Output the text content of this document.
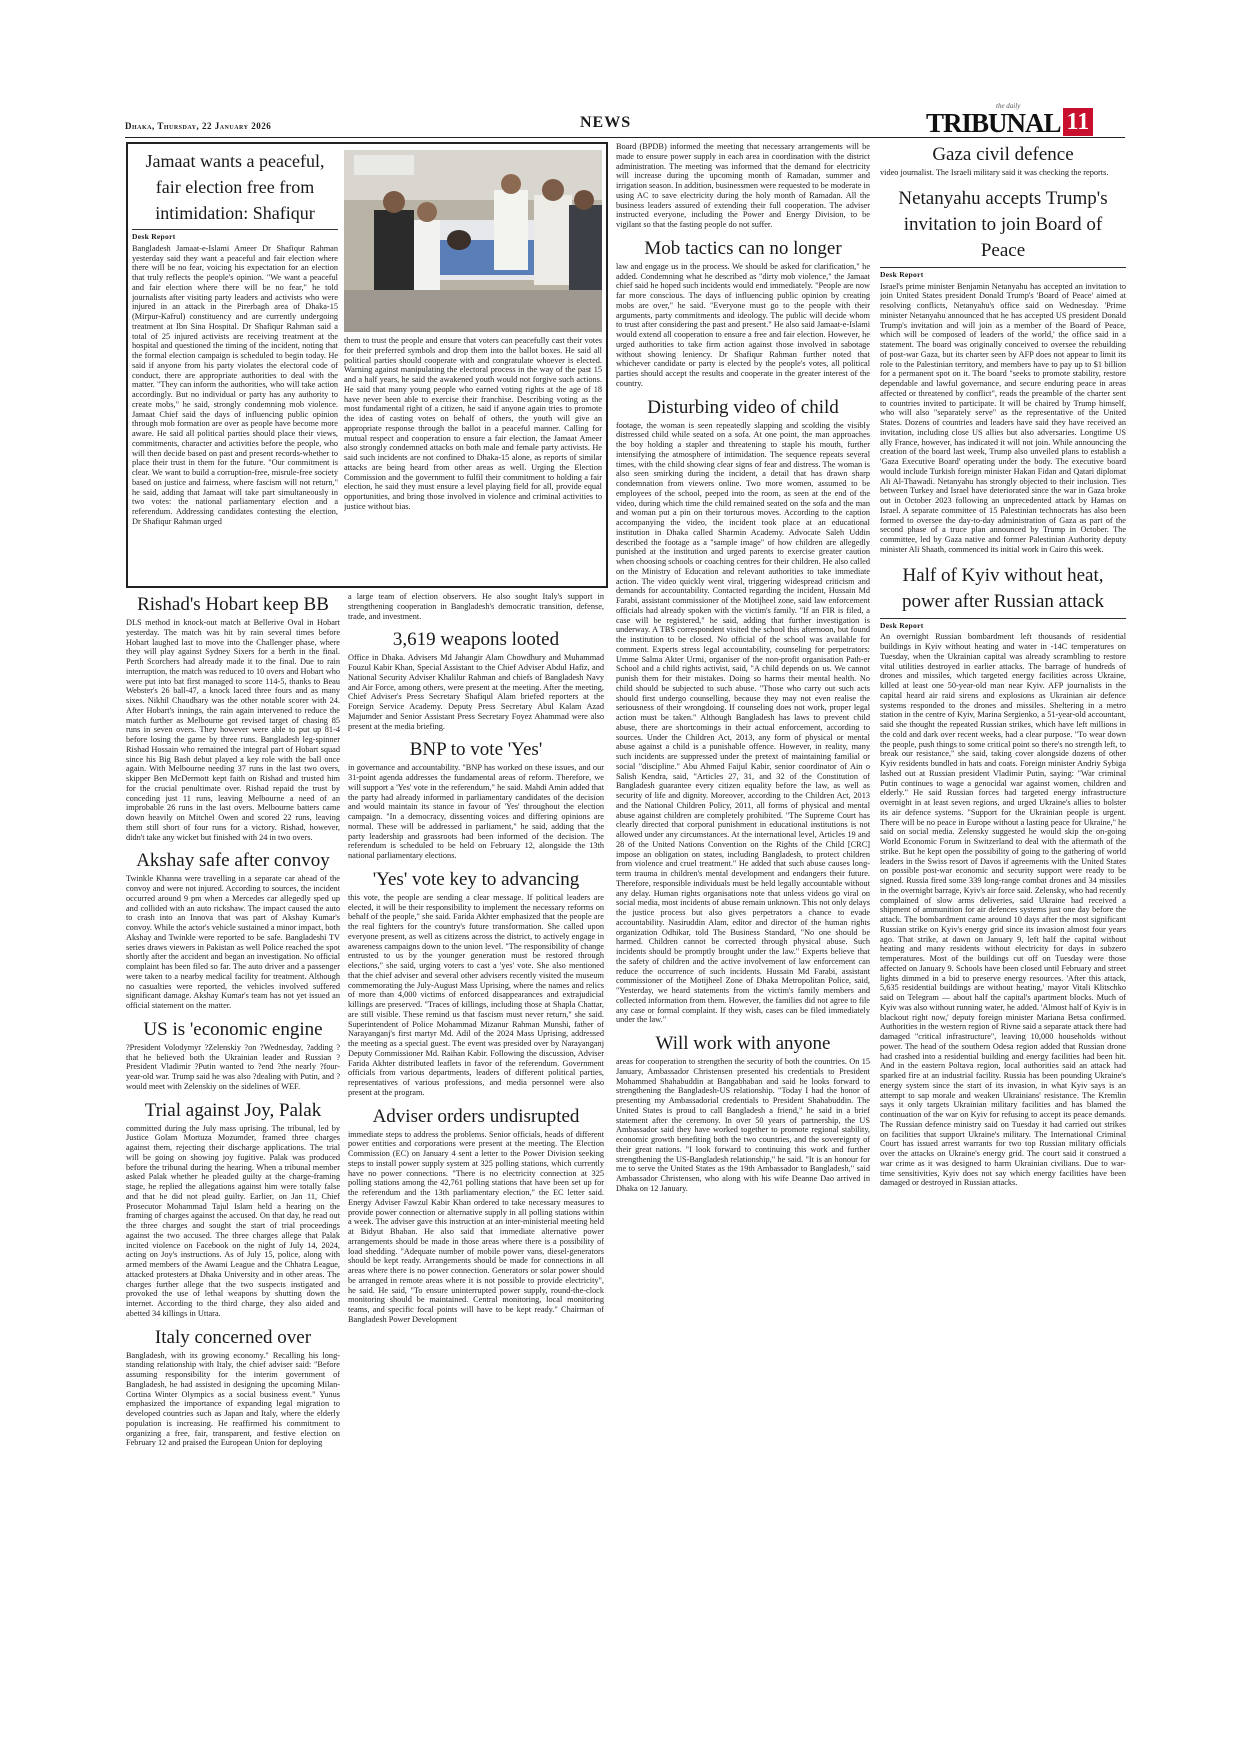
Dhaka, Thursday, 22 January 2026	NEWS
the daily
TRIBUNAL 11
Jamaat wants a peaceful, fair election free from intimidation: Shafiqur
Desk Report

Bangladesh Jamaat-e-Islami Ameer Dr Shafiqur Rahman yesterday said they want a peaceful and fair election where there will be no fear, voicing his expectation for an election that truly reflects the people's opinion. "We want a peaceful and fair election where there will be no fear," he told journalists after visiting party leaders and activists who were injured in an attack in the Pirerbagh area of Dhaka-15 (Mirpur-Kafrul) constituency and are currently undergoing treatment at Ibn Sina Hospital. Dr Shafiqur Rahman said a total of 25 injured activists are receiving treatment at the hospital and questioned the timing of the incident, noting that the formal election campaign is scheduled to begin today. He said if anyone from his party violates the electoral code of conduct, there are appropriate authorities to deal with the matter. "They can inform the authorities, who will take action accordingly. But no individual or party has any authority to create mobs," he said, strongly condemning mob violence. Jamaat Chief said the days of influencing public opinion through mob formation are over as people have become more aware. He said all political parties should place their views, commitments, character and activities before the people, who will then decide based on past and present records-whether to place their trust in them for the future. "Our commitment is clear. We want to build a corruption-free, misrule-free society based on justice and fairness, where fascism will not return," he said, adding that Jamaat will take part simultaneously in two votes: the national parliamentary election and a referendum. Addressing candidates contesting the election, Dr Shafiqur Rahman urged

them to trust the people and ensure that voters can peacefully cast their votes for their preferred symbols and drop them into the ballot boxes. He said all political parties should cooperate with and congratulate whoever is elected. Warning against manipulating the electoral process in the way of the past 15 and a half years, he said the awakened youth would not forgive such actions. He said that many young people who earned voting rights at the age of 18 have never been able to exercise their franchise. Describing voting as the most fundamental right of a citizen, he said if anyone again tries to promote the idea of casting votes on behalf of others, the youth will give an appropriate response through the ballot in a peaceful manner. Calling for mutual respect and cooperation to ensure a fair election, the Jamaat Ameer also strongly condemned attacks on both male and female party activists. He said such incidents are not confined to Dhaka-15 alone, as reports of similar attacks are being heard from other areas as well. Urging the Election Commission and the government to fulfil their commitment to holding a fair election, he said they must ensure a level playing field for all, provide equal opportunities, and bring those involved in violence and criminal activities to justice without bias.

Rishad's Hobart keep BB

DLS method in knock-out match at Bellerive Oval in Hobart yesterday. The match was hit by rain several times before Hobart laughed last to move into the Challenger phase, where they will play against Sydney Sixers for a berth in the final. Perth Scorchers had already made it to the final. Due to rain interruption, the match was reduced to 10 overs and Hobart who were put into bat first managed to score 114-5, thanks to Beau Webster's 26 ball-47, a knock laced three fours and as many sixes. Nikhil Chaudhary was the other notable scorer with 24. After Hobart's innings, the rain again intervened to reduce the match further as Melbourne got revised target of chasing 85 runs in seven overs. They however were able to put up 81-4 before losing the game by three runs. Bangladesh leg-spinner Rishad Hossain who remained the integral part of Hobart squad since his Big Bash debut played a key role with the ball once again. With Melbourne needing 37 runs in the last two overs, skipper Ben McDermott kept faith on Rishad and trusted him for the crucial penultimate over. Rishad repaid the trust by conceding just 11 runs, leaving Melbourne a need of an improbable 26 runs in the last overs. Melbourne batters came down heavily on Mitchel Owen and scored 22 runs, leaving them still short of four runs for a victory. Rishad, however, didn't take any wicket but finished with 24 in two overs.

Akshay safe after convoy

Twinkle Khanna were travelling in a separate car ahead of the convoy and were not injured. According to sources, the incident occurred around 9 pm when a Mercedes car allegedly sped up and collided with an auto rickshaw. The impact caused the auto to crash into an Innova that was part of Akshay Kumar's convoy. While the actor's vehicle sustained a minor impact, both Akshay and Twinkle were reported to be safe. Bangladeshi TV series draws viewers in Pakistan as well Police reached the spot shortly after the accident and began an investigation. No official complaint has been filed so far. The auto driver and a passenger were taken to a nearby medical facility for treatment. Although no casualties were reported, the vehicles involved suffered significant damage. Akshay Kumar's team has not yet issued an official statement on the matter.

US is 'economic engine

?President Volodymyr ?Zelenskiy ?on ?Wednesday, ?adding ?that he believed both the Ukrainian leader and Russian ?President Vladimir ?Putin wanted to ?end ?the nearly ?four-year-old war. Trump said he was also ?dealing with Putin, and ?would meet with Zelenskiy on the sidelines of WEF.

Trial against Joy, Palak

committed during the July mass uprising. The tribunal, led by Justice Golam Mortuza Mozumder, framed three charges against them, rejecting their discharge applications. The trial will be going on showing joy fugitive. Palak was produced before the tribunal during the hearing. When a tribunal member asked Palak whether he pleaded guilty at the charge-framing stage, he replied the allegations against him were totally false and that he did not plead guilty. Earlier, on Jan 11, Chief Prosecutor Mohammad Tajul Islam held a hearing on the framing of charges against the accused. On that day, he read out the three charges and sought the start of trial proceedings against the two accused. The three charges allege that Palak incited violence on Facebook on the night of July 14, 2024, acting on Joy's instructions. As of July 15, police, along with armed members of the Awami League and the Chhatra League, attacked protesters at Dhaka University and in other areas. The charges further allege that the two suspects instigated and provoked the use of lethal weapons by shutting down the internet. According to the third charge, they also aided and abetted 34 killings in Uttara.

Italy concerned over

Bangladesh, with its growing economy." Recalling his long-standing relationship with Italy, the chief adviser said: "Before assuming responsibility for the interim government of Bangladesh, he had assisted in designing the upcoming Milan-Cortina Winter Olympics as a social business event." Yunus emphasized the importance of expanding legal migration to developed countries such as Japan and Italy, where the elderly population is increasing. He reaffirmed his commitment to organizing a free, fair, transparent, and festive election on February 12 and praised the European Union for deploying

a large team of election observers. He also sought Italy's support in strengthening cooperation in Bangladesh's democratic transition, defense, trade, and investment.

3,619 weapons looted

Office in Dhaka. Advisers Md Jahangir Alam Chowdhury and Muhammad Fouzul Kabir Khan, Special Assistant to the Chief Adviser Abdul Hafiz, and National Security Adviser Khalilur Rahman and chiefs of Bangladesh Navy and Air Force, among others, were present at the meeting. After the meeting, Chief Adviser's Press Secretary Shafiqul Alam briefed reporters at the Foreign Service Academy. Deputy Press Secretary Abul Kalam Azad Majumder and Senior Assistant Press Secretary Foyez Ahammad were also present at the media briefing.

BNP to vote 'Yes'

in governance and accountability. "BNP has worked on these issues, and our 31-point agenda addresses the fundamental areas of reform. Therefore, we will support a 'Yes' vote in the referendum," he said. Mahdi Amin added that the party had already informed in parliamentary candidates of the decision and would maintain its stance in favour of 'Yes' throughout the election campaign. "In a democracy, dissenting voices and differing opinions are normal. These will be addressed in parliament," he said, adding that the party leadership and grassroots had been informed of the decision. The referendum is scheduled to be held on February 12, alongside the 13th national parliamentary elections.

'Yes' vote key to advancing

this vote, the people are sending a clear message. If political leaders are elected, it will be their responsibility to implement the necessary reforms on behalf of the people," she said. Farida Akhter emphasized that the people are the real fighters for the country's future transformation. She called upon everyone present, as well as citizens across the district, to actively engage in awareness campaigns down to the union level. "The responsibility of change entrusted to us by the younger generation must be restored through elections," she said, urging voters to cast a 'yes' vote. She also mentioned that the chief adviser and several other advisers recently visited the museum commemorating the July-August Mass Uprising, where the names and relics of more than 4,000 victims of enforced disappearances and extrajudicial killings are preserved. "Traces of killings, including those at Shapla Chattar, are still visible. These remind us that fascism must never return," she said. Superintendent of Police Mohammad Mizanur Rahman Munshi, father of Narayanganj's first martyr Md. Adil of the 2024 Mass Uprising, addressed the meeting as a special guest. The event was presided over by Narayanganj Deputy Commissioner Md. Raihan Kabir. Following the discussion, Adviser Farida Akhter distributed leaflets in favor of the referendum. Government officials from various departments, leaders of different political parties, representatives of various professions, and media personnel were also present at the program.

Adviser orders undisrupted

immediate steps to address the problems. Senior officials, heads of different power entities and corporations were present at the meeting. The Election Commission (EC) on January 4 sent a letter to the Power Division seeking steps to install power supply system at 325 polling stations, which currently have no power connections. "There is no electricity connection at 325 polling stations among the 42,761 polling stations that have been set up for the referendum and the 13th parliamentary election," the EC letter said. Energy Adviser Fawzul Kabir Khan ordered to take necessary measures to provide power connection or alternative supply in all polling stations within a week. The adviser gave this instruction at an inter-ministerial meeting held at Bidyut Bhaban. He also said that immediate alternative power arrangements should be made in those areas where there is a possibility of load shedding. "Adequate number of mobile power vans, diesel-generators should be kept ready. Arrangements should be made for connections in all areas where there is no power connection. Generators or solar power should be arranged in remote areas where it is not possible to provide electricity", he said. He said, "To ensure uninterrupted power supply, round-the-clock monitoring should be maintained. Central monitoring, local monitoring teams, and specific focal points will have to be kept ready." Chairman of Bangladesh Power Development

Board (BPDB) informed the meeting that necessary arrangements will be made to ensure power supply in each area in coordination with the district administration. The meeting was informed that the demand for electricity will increase during the upcoming month of Ramadan, summer and irrigation season. In addition, businessmen were requested to be moderate in using AC to save electricity during the holy month of Ramadan. All the business leaders assured of extending their full cooperation. The adviser instructed everyone, including the Power and Energy Division, to be vigilant so that the fasting people do not suffer.

Mob tactics can no longer

law and engage us in the process. We should be asked for clarification," he added. Condemning what he described as "dirty mob violence," the Jamaat chief said he hoped such incidents would end immediately. "People are now far more conscious. The days of influencing public opinion by creating mobs are over," he said. "Everyone must go to the people with their arguments, party commitments and ideology. The public will decide whom to trust after considering the past and present." He also said Jamaat-e-Islami would extend all cooperation to ensure a free and fair election. However, he urged authorities to take firm action against those involved in sabotage without showing leniency. Dr Shafiqur Rahman further noted that whichever candidate or party is elected by the people's votes, all political parties should accept the results and cooperate in the greater interest of the country.

Disturbing video of child

footage, the woman is seen repeatedly slapping and scolding the visibly distressed child while seated on a sofa. At one point, the man approaches the boy holding a stapler and threatening to staple his mouth, further intensifying the atmosphere of intimidation. The sequence repeats several times, with the child showing clear signs of fear and distress. The woman is also seen smirking during the incident, a detail that has drawn sharp condemnation from viewers online. Two more women, assumed to be employees of the school, peeped into the room, as seen at the end of the video, during which time the child remained seated on the sofa and the man and woman put a pin on their torturous moves. According to the caption accompanying the video, the incident took place at an educational institution in Dhaka called Sharmin Academy. Advocate Saleh Uddin described the footage as a "sample image" of how children are allegedly punished at the institution and urged parents to exercise greater caution when choosing schools or coaching centres for their children. He also called on the Ministry of Education and relevant authorities to take immediate action. The video quickly went viral, triggering widespread criticism and demands for accountability. Contacted regarding the incident, Hussain Md Farabi, assistant commissioner of the Motijheel zone, said law enforcement officials had already spoken with the victim's family. "If an FIR is filed, a case will be registered," he said, adding that further investigation is underway. A TBS correspondent visited the school this afternoon, but found the institution to be closed. No official of the school was available for comment. Experts stress legal accountability, counseling for perpetrators: Umme Salma Akter Urmi, organiser of the non-profit organisation Path-er School and a child rights activist, said, "A child depends on us. We cannot punish them for their mistakes. Doing so harms their mental health. No child should be subjected to such abuse. "Those who carry out such acts should first undergo counselling, because they may not even realise the seriousness of their wrongdoing. If counseling does not work, proper legal action must be taken." Although Bangladesh has laws to prevent child abuse, there are shortcomings in their actual enforcement, according to sources. Under the Children Act, 2013, any form of physical or mental abuse against a child is a punishable offence. However, in reality, many such incidents are suppressed under the pretext of maintaining familial or social "discipline." Abu Ahmed Faijul Kabir, senior coordinator of Ain o Salish Kendra, said, "Articles 27, 31, and 32 of the Constitution of Bangladesh guarantee every citizen equality before the law, as well as security of life and dignity. Moreover, according to the Children Act, 2013 and the National Children Policy, 2011, all forms of physical and mental abuse against children are completely prohibited. "The Supreme Court has clearly directed that corporal punishment in educational institutions is not allowed under any circumstances. At the international level, Articles 19 and 28 of the United Nations Convention on the Rights of the Child [CRC] impose an obligation on states, including Bangladesh, to protect children from violence and cruel treatment." He added that such abuse causes long-term trauma in children's mental development and endangers their future. Therefore, responsible individuals must be held legally accountable without any delay. Human rights organisations note that unless videos go viral on social media, most incidents of abuse remain unknown. This not only delays the justice process but also gives perpetrators a chance to evade accountability. Nasiruddin Alam, editor and director of the human rights organization Odhikar, told The Business Standard, "No one should be harmed. Children cannot be corrected through physical abuse. Such incidents should be promptly brought under the law." Experts believe that the safety of children and the active involvement of law enforcement can reduce the occurrence of such incidents. Hussain Md Farabi, assistant commissioner of the Motijheel Zone of Dhaka Metropolitan Police, said, "Yesterday, we heard statements from the victim's family members and collected information from them. However, the families did not agree to file any case or formal complaint. If they wish, cases can be filed immediately under the law."

Will work with anyone

areas for cooperation to strengthen the security of both the countries. On 15 January, Ambassador Christensen presented his credentials to President Mohammed Shahabuddin at Bangabhaban and said he looks forward to strengthening the Bangladesh-US relationship. "Today I had the honor of presenting my Ambassadorial credentials to President Shahabuddin. The United States is proud to call Bangladesh a friend," he said in a brief statement after the ceremony. In over 50 years of partnership, the US Ambassador said they have worked together to promote regional stability, economic growth benefiting both the two countries, and the sovereignty of their great nations. "I look forward to continuing this work and further strengthening the US-Bangladesh relationship," he said. "It is an honour for me to serve the United States as the 19th Ambassador to Bangladesh," said Ambassador Christensen, who along with his wife Deanne Dao arrived in Dhaka on 12 January.

Gaza civil defence

video journalist. The Israeli military said it was checking the reports.

Netanyahu accepts Trump's invitation to join Board of Peace
Desk Report

Israel's prime minister Benjamin Netanyahu has accepted an invitation to join United States president Donald Trump's 'Board of Peace' aimed at resolving conflicts, Netanyahu's office said on Wednesday. 'Prime minister Netanyahu announced that he has accepted US president Donald Trump's invitation and will join as a member of the Board of Peace, which will be composed of leaders of the world,' the office said in a statement. The board was originally conceived to oversee the rebuilding of post-war Gaza, but its charter seen by AFP does not appear to limit its role to the Palestinian territory, and members have to pay up to $1 billion for a permanent spot on it. The board "seeks to promote stability, restore dependable and lawful governance, and secure enduring peace in areas affected or threatened by conflict", reads the preamble of the charter sent to countries invited to participate. It will be chaired by Trump himself, who will also "separately serve" as the representative of the United States. Dozens of countries and leaders have said they have received an invitation, including close US allies but also adversaries. Longtime US ally France, however, has indicated it will not join. While announcing the creation of the board last week, Trump also unveiled plans to establish a 'Gaza Executive Board' operating under the body. The executive board would include Turkish foreign minister Hakan Fidan and Qatari diplomat Ali Al-Thawadi. Netanyahu has strongly objected to their inclusion. Ties between Turkey and Israel have deteriorated since the war in Gaza broke out in October 2023 following an unprecedented attack by Hamas on Israel. A separate committee of 15 Palestinian technocrats has also been formed to oversee the day-to-day administration of Gaza as part of the second phase of a truce plan announced by Trump in October. The committee, led by Gaza native and former Palestinian Authority deputy minister Ali Shaath, commenced its initial work in Cairo this week.

Half of Kyiv without heat, power after Russian attack
Desk Report

An overnight Russian bombardment left thousands of residential buildings in Kyiv without heating and water in -14C temperatures on Tuesday, when the Ukrainian capital was already scrambling to restore vital utilities destroyed in earlier attacks. The barrage of hundreds of drones and missiles, which targeted energy facilities across Ukraine, killed at least one 50-year-old man near Kyiv. AFP journalists in the capital heard air raid sirens and explosions as Ukrainian air defence systems responded to the drones and missiles. Sheltering in a metro station in the centre of Kyiv, Marina Sergienko, a 51-year-old accountant, said she thought the repeated Russian strikes, which have left millions in the cold and dark over recent weeks, had a clear purpose. "To wear down the people, push things to some critical point so there's no strength left, to break our resistance," she said, taking cover alongside dozens of other Kyiv residents bundled in hats and coats. Foreign minister Andriy Sybiga lashed out at Russian president Vladimir Putin, saying: "War criminal Putin continues to wage a genocidal war against women, children and elderly." He said Russian forces had targeted energy infrastructure overnight in at least seven regions, and urged Ukraine's allies to bolster its air defence systems. "Support for the Ukrainian people is urgent. There will be no peace in Europe without a lasting peace for Ukraine," he said on social media. Zelensky suggested he would skip the on-going World Economic Forum in Switzerland to deal with the aftermath of the strike. But he kept open the possibility of going to the gathering of world leaders in the Swiss resort of Davos if agreements with the United States on possible post-war economic and security support were ready to be signed. Russia fired some 339 long-range combat drones and 34 missiles in the overnight barrage, Kyiv's air force said. Zelensky, who had recently complained of slow arms deliveries, said Ukraine had received a shipment of ammunition for air defences systems just one day before the attack. The bombardment came around 10 days after the most significant Russian strike on Kyiv's energy grid since its invasion almost four years ago. That strike, at dawn on January 9, left half the capital without heating and many residents without electricity for days in subzero temperatures. Most of the buildings cut off on Tuesday were those affected on January 9. Schools have been closed until February and street lights dimmed in a bid to preserve energy resources. 'After this attack, 5,635 residential buildings are without heating,' mayor Vitali Klitschko said on Telegram — about half the capital's apartment blocks. Much of Kyiv was also without running water, he added. 'Almost half of Kyiv is in blackout right now,' deputy foreign minister Mariana Betsa confirmed. Authorities in the western region of Rivne said a separate attack there had damaged "critical infrastructure", leaving 10,000 households without power. The head of the southern Odesa region added that Russian drone had crashed into a residential building and energy facilities had been hit. And in the eastern Poltava region, local authorities said an attack had sparked fire at an industrial facility. Russia has been pounding Ukraine's energy system since the start of its invasion, in what Kyiv says is an attempt to sap morale and weaken Ukrainians' resistance. The Kremlin says it only targets Ukrainian military facilities and has blamed the continuation of the war on Kyiv for refusing to accept its peace demands. The Russian defence ministry said on Tuesday it had carried out strikes on facilities that support Ukraine's military. The International Criminal Court has issued arrest warrants for two top Russian military officials over the attacks on Ukraine's energy grid. The court said it construed a war crime as it was designed to harm Ukrainian civilians. Due to war-time sensitivities, Kyiv does not say which energy facilities have been damaged or destroyed in Russian attacks.
